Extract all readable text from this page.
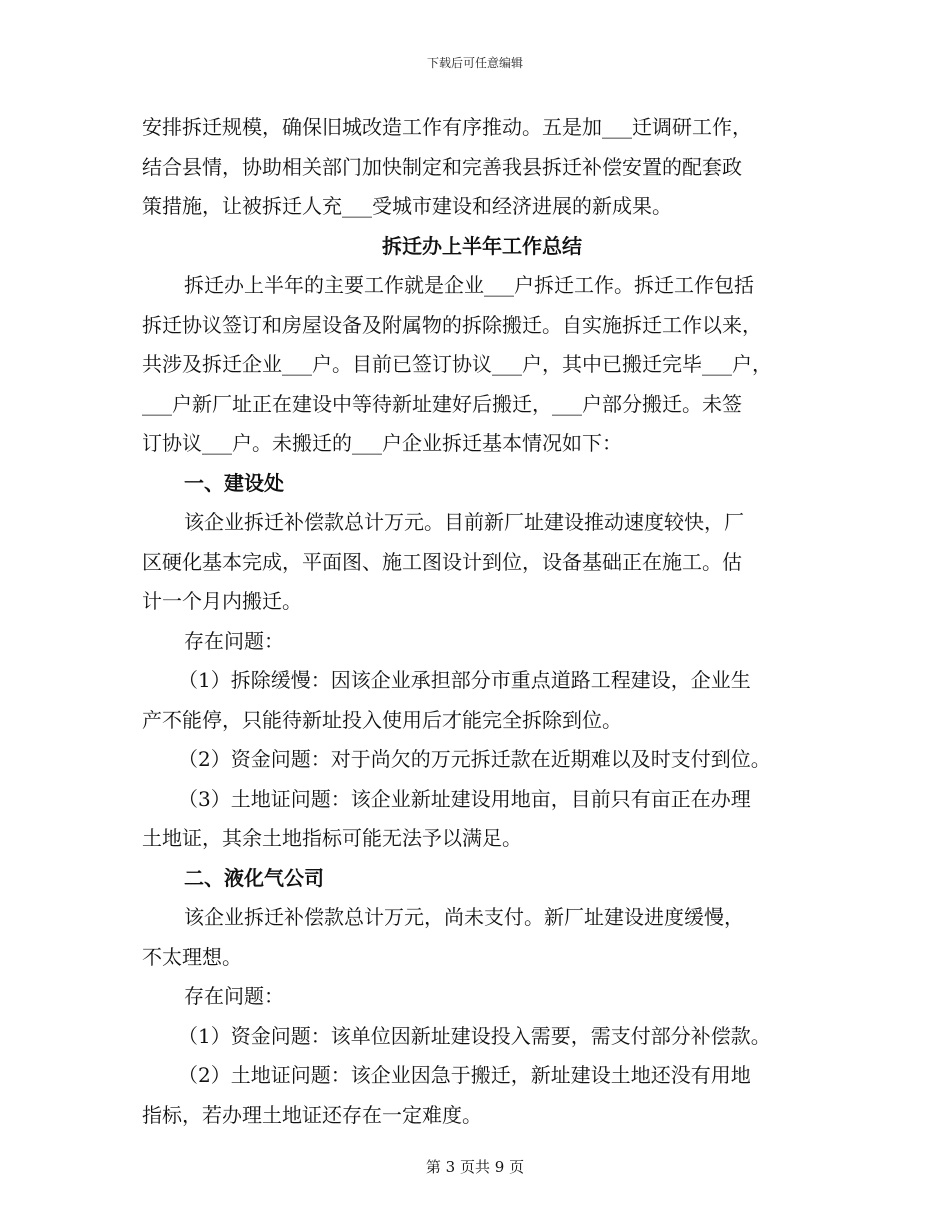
下载后可任意编辑
安排拆迁规模，确保旧城改造工作有序推动。五是加___迁调研工作，
结合县情，协助相关部门加快制定和完善我县拆迁补偿安置的配套政
策措施，让被拆迁人充___受城市建设和经济进展的新成果。
拆迁办上半年工作总结
拆迁办上半年的主要工作就是企业___户拆迁工作。拆迁工作包括
拆迁协议签订和房屋设备及附属物的拆除搬迁。自实施拆迁工作以来，
共涉及拆迁企业___户。目前已签订协议___户，其中已搬迁完毕___户，
___户新厂址正在建设中等待新址建好后搬迁，___户部分搬迁。未签
订协议___户。未搬迁的___户企业拆迁基本情况如下：
一、建设处
该企业拆迁补偿款总计万元。目前新厂址建设推动速度较快，厂
区硬化基本完成，平面图、施工图设计到位，设备基础正在施工。估
计一个月内搬迁。
存在问题：
（1）拆除缓慢：因该企业承担部分市重点道路工程建设，企业生
产不能停，只能待新址投入使用后才能完全拆除到位。
（2）资金问题：对于尚欠的万元拆迁款在近期难以及时支付到位。
（3）土地证问题：该企业新址建设用地亩，目前只有亩正在办理
土地证，其余土地指标可能无法予以满足。
二、液化气公司
该企业拆迁补偿款总计万元，尚未支付。新厂址建设进度缓慢，
不太理想。
存在问题：
（1）资金问题：该单位因新址建设投入需要，需支付部分补偿款。
（2）土地证问题：该企业因急于搬迁，新址建设土地还没有用地
指标，若办理土地证还存在一定难度。
第 3 页共 9 页
